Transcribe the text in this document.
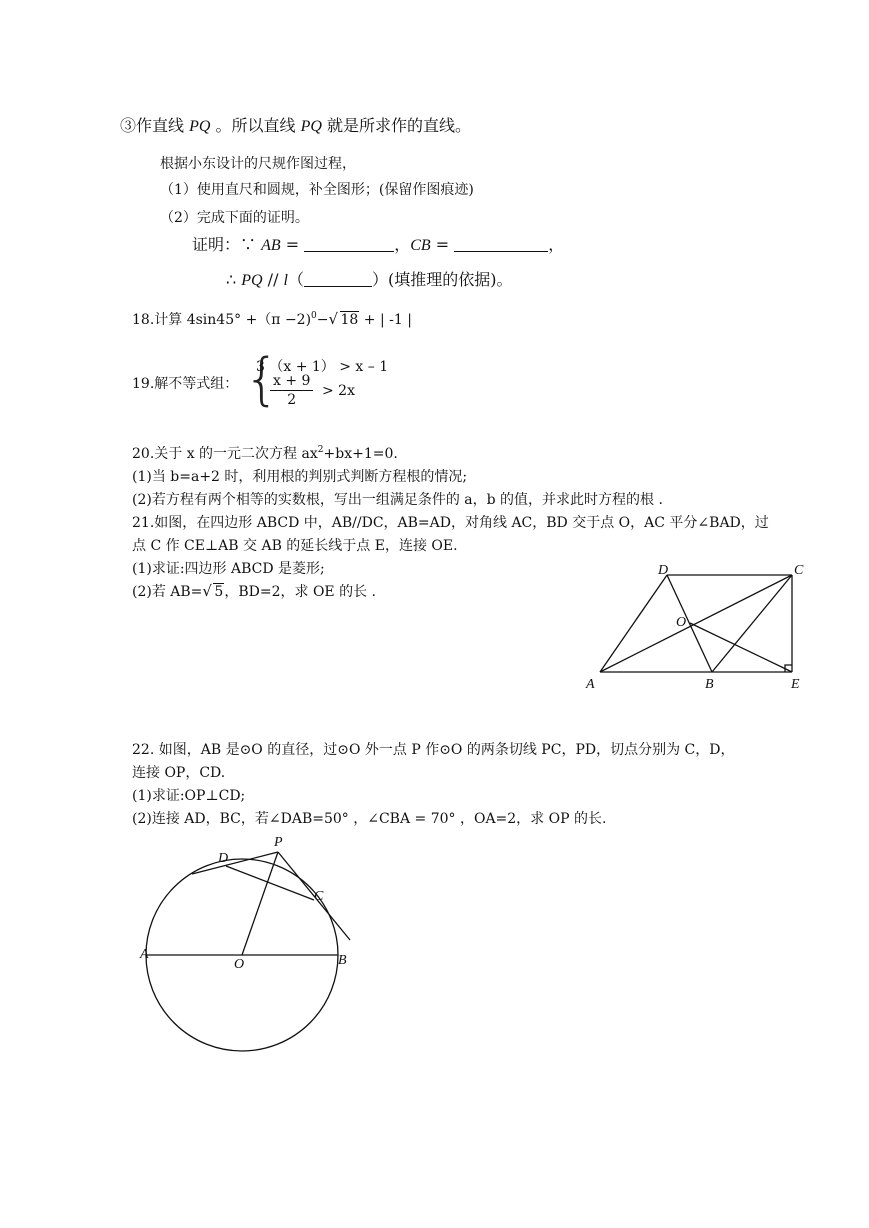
③作直线 PQ 。所以直线 PQ 就是所求作的直线。
根据小东设计的尺规作图过程，
（1）使用直尺和圆规，补全图形；(保留作图痕迹)
（2）完成下面的证明。
证明：∵ AB =	，CB =	，
∴ PQ // l（	）(填推理的依据)。
18.计算 4sin45° +（π −2)$^0$− √ 18 + | -1 |
19.解不等式组： {
3 （x + 1） > x – 1
$\frac{x + 9}{2} > 2x$
20.关于 x 的一元二次方程 $ax^2+bx+1=0$.
(1)当 b=a+2 时，利用根的判别式判断方程根的情况;
(2)若方程有两个相等的实数根，写出一组满足条件的 a，b 的值，并求此时方程的根 .
21.如图，在四边形 ABCD 中，AB//DC，AB=AD，对角线 AC，BD 交于点 O，AC 平分∠BAD，过
点 C 作 CE⊥AB 交 AB 的延长线于点 E，连接 OE.
(1)求证:四边形 ABCD 是菱形;
(2)若 AB= √ 5，BD=2，求 OE 的长 .
A	B	E
D	C
O
22. 如图，AB 是⊙O 的直径，过⊙O 外一点 P 作⊙O 的两条切线 PC，PD，切点分别为 C，D，
连接 OP，CD.
(1)求证:OP⊥CD;
(2)连接 AD，BC，若∠DAB=50° ，∠CBA = 70° ，OA=2，求 OP 的长.
P
D
C
A
O	B
